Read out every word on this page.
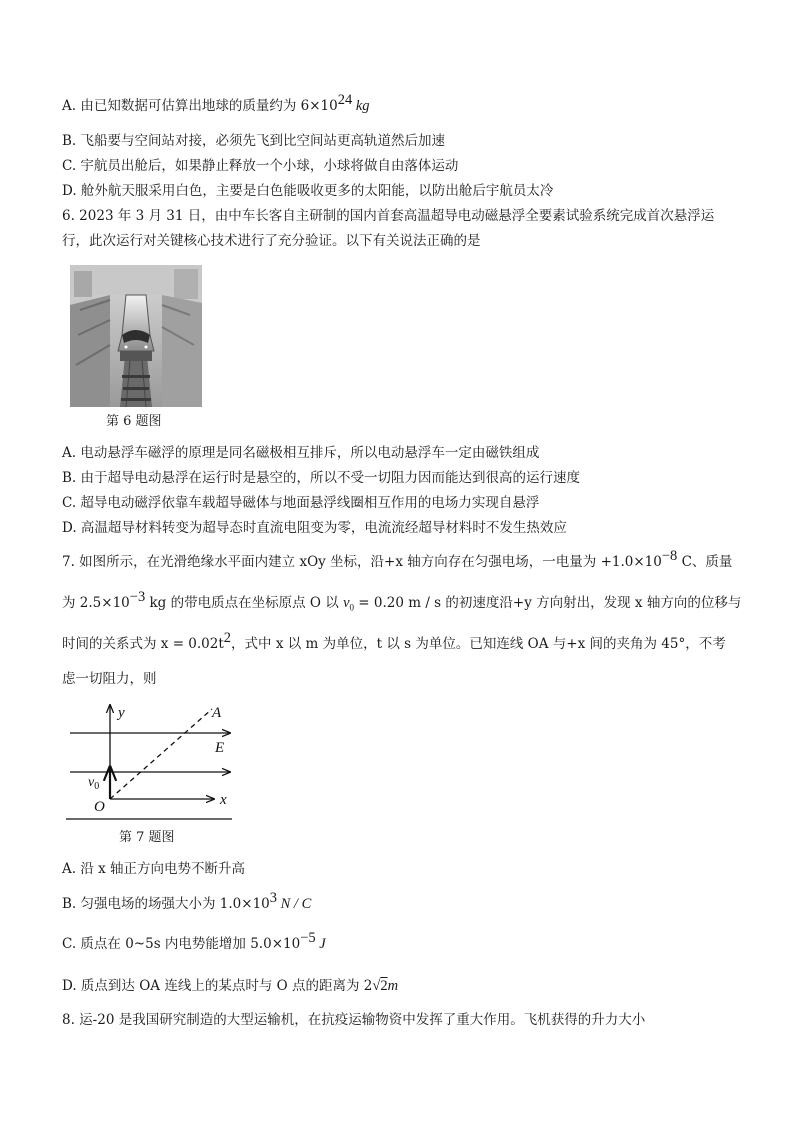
A. 由已知数据可估算出地球的质量约为 $6\times 10^{24}$ kg
B. 飞船要与空间站对接，必须先飞到比空间站更高轨道然后加速
C. 宇航员出舱后，如果静止释放一个小球，小球将做自由落体运动
D. 舱外航天服采用白色，主要是白色能吸收更多的太阳能，以防出舱后宇航员太冷
6. 2023 年 3 月 31 日，由中车长客自主研制的国内首套高温超导电动磁悬浮全要素试验系统完成首次悬浮运
行，此次运行对关键核心技术进行了充分验证。以下有关说法正确的是
第 6 题图
A. 电动悬浮车磁浮的原理是同名磁极相互排斥，所以电动悬浮车一定由磁铁组成
B. 由于超导电动悬浮在运行时是悬空的，所以不受一切阻力因而能达到很高的运行速度
C. 超导电动磁浮依靠车载超导磁体与地面悬浮线圈相互作用的电场力实现自悬浮
D. 高温超导材料转变为超导态时直流电阻变为零，电流流经超导材料时不发生热效应
7. 如图所示，在光滑绝缘水平面内建立 xOy 坐标，沿+x 轴方向存在匀强电场，一电量为 $+1.0\times 10^{-8}$ C、质量
为 $2.5\times 10^{-3}$ kg 的带电质点在坐标原点 O 以 $v_0 = 0.20$ m / s 的初速度沿+y 方向射出，发现 x 轴方向的位移与
时间的关系式为 $x = 0.02t^2$，式中 x 以 m 为单位，t 以 s 为单位。已知连线 OA 与+x 间的夹角为 45°，不考
虑一切阻力，则
y	A
E
$v_0$
O	x
第 7 题图
A. 沿 x 轴正方向电势不断升高
B. 匀强电场的场强大小为 $1.0\times 10^3$ N / C
C. 质点在 0~5s 内电势能增加 $5.0\times 10^{-5}$ J
D. 质点到达 OA 连线上的某点时与 O 点的距离为 2√2m
8. 运-20 是我国研究制造的大型运输机，在抗疫运输物资中发挥了重大作用。飞机获得的升力大小
